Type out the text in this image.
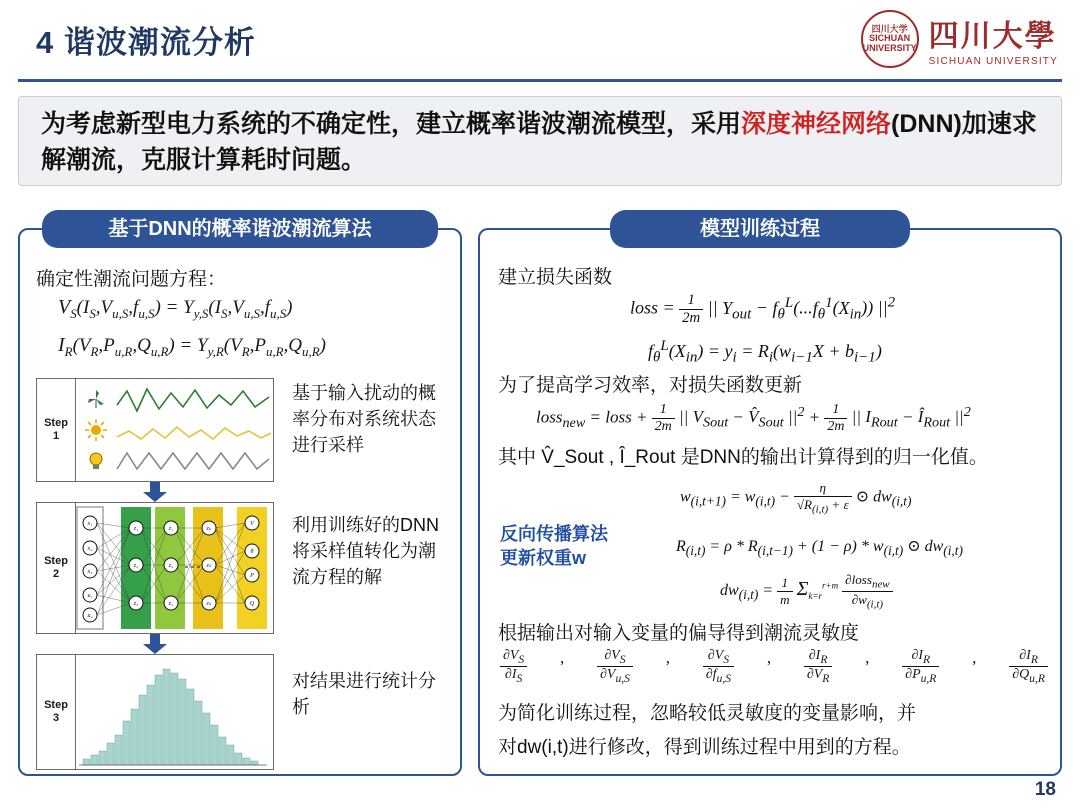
4 谐波潮流分析	四川大学
SICHUAN
UNIVERSITY 四川大學
SICHUAN UNIVERSITY
为考虑新型电力系统的不确定性，建立概率谐波潮流模型，采用深度神经网络(DNN)加速求解潮流，克服计算耗时问题。
基于DNN的概率谐波潮流算法
确定性潮流问题方程：
$V_S(I_S,V_{u,S},f_{u,S}) = Y_{y,S}(I_S,V_{u,S},f_{u,S})$
$I_R(V_R,P_{u,R},Q_{u,R}) = Y_{y,R}(V_R,P_{u,R},Q_{u,R})$
Step
1
Step
2
x₁
x₂
x₃
u₁
u₂
z₁
z₂
z₃
z₁
z₂
z₃
zₖ
zₖ
zₖ
V
θ
P
Q
Step
3
基于输入扰动的概率分布对系统状态进行采样
利用训练好的DNN将采样值转化为潮流方程的解
对结果进行统计分析
模型训练过程
建立损失函数
loss = $\frac{1}{2m}$ || $Y_{out} - f_\theta^L(...f_\theta^1(X_{in}))$ $||^2$
$f_\theta^L(X_{in}) = y_i = R_i(w_{i-1}X + b_{i-1})$
为了提高学习效率，对损失函数更新
loss$_{new}$ = loss + $\frac{1}{2m}$ || $V_{Sout}$ − $V̂_{Sout}$ $||^2 + \frac{1}{2m}$ || $I_{Rout}$ − $Î_{Rout}$ $||^2$
其中 V̂_Sout , Î_Rout 是DNN的输出计算得到的归一化值。
反向传播算法
更新权重w
$w_{(i,t+1)} = w_{(i,t)} - \frac{\eta}{√R_{(i,t)} + \varepsilon}$ ⊙ $dw_{(i,t)}$
$R_{(i,t)} = \rho * R_{(i,t-1)} + (1 - \rho) * w_{(i,t)}$ ⊙ $dw_{(i,t)}$
$dw_{(i,t)} = \frac{1}{m} \Sigma_{k=r}^{r+m} \frac{\partial loss_{new}}{\partial w_{(i,t)}}$
根据输出对输入变量的偏导得到潮流灵敏度
$\frac{\partial V_S}{\partial I_S}$ , $\frac{\partial V_S}{\partial V_{u,S}}$ , $\frac{\partial V_S}{\partial f_{u,S}}$ , $\frac{\partial I_R}{\partial V_R}$ , $\frac{\partial I_R}{\partial P_{u,R}}$ , $\frac{\partial I_R}{\partial Q_{u,R}}$
为简化训练过程，忽略较低灵敏度的变量影响，并
对dw(i,t)进行修改，得到训练过程中用到的方程。
18
